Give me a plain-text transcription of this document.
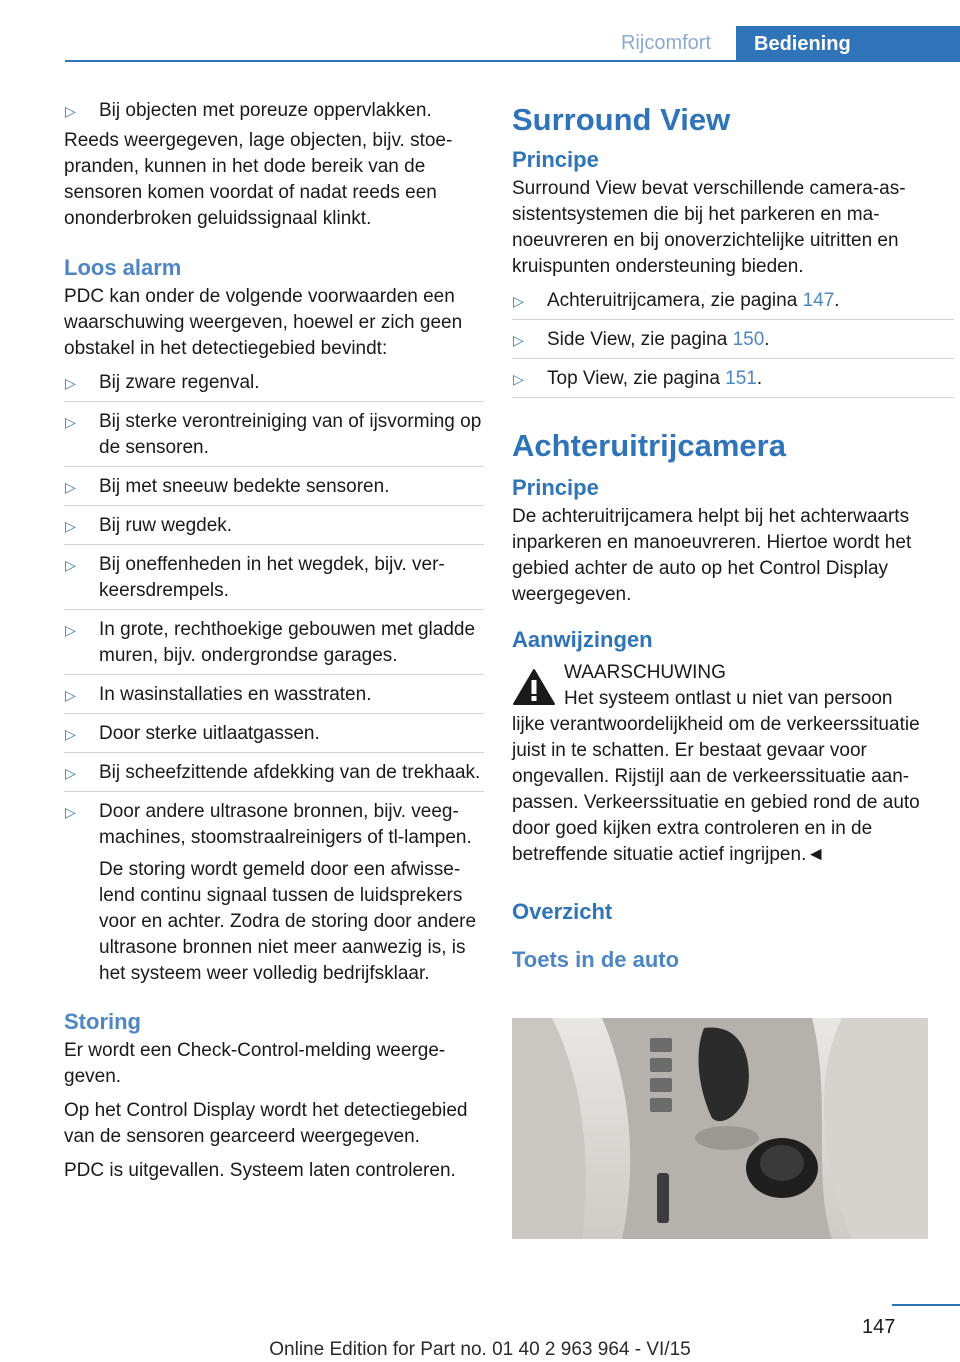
Rijcomfort	Bediening
▷ Bij objecten met poreuze oppervlakken.

Reeds weergegeven, lage objecten, bijv. stoepranden, kunnen in het dode bereik van de sensoren komen voordat of nadat reeds een ononderbroken geluidssignaal klinkt.

Loos alarm

PDC kan onder de volgende voorwaarden een waarschuwing weergeven, hoewel er zich geen obstakel in het detectiegebied bevindt:

▷ Bij zware regenval.
▷ Bij sterke verontreiniging van of ijsvorming op de sensoren.
▷ Bij met sneeuw bedekte sensoren.
▷ Bij ruw wegdek.
▷ Bij oneffenheden in het wegdek, bijv. verkeersdrempels.
▷ In grote, rechthoekige gebouwen met gladde muren, bijv. ondergrondse garages.
▷ In wasinstallaties en wasstraten.
▷ Door sterke uitlaatgassen.
▷ Bij scheefzittende afdekking van de trekhaak.
▷ Door andere ultrasone bronnen, bijv. veegmachines, stoomstraalreinigers of tl-lampen.
De storing wordt gemeld door een afwisselend continu signaal tussen de luidsprekers voor en achter. Zodra de storing door andere ultrasone bronnen niet meer aanwezig is, is het systeem weer volledig bedrijfsklaar.
Storing

Er wordt een Check-Control-melding weergegeven.

Op het Control Display wordt het detectiegebied van de sensoren gearceerd weergegeven.

PDC is uitgevallen. Systeem laten controleren.

Surround View
Principe

Surround View bevat verschillende camera-assistentsystemen die bij het parkeren en manoeuvreren en bij onoverzichtelijke uitritten en kruispunten ondersteuning bieden.

▷ Achteruitrijcamera, zie pagina 147.
▷ Side View, zie pagina 150.
▷ Top View, zie pagina 151.
Achteruitrijcamera
Principe

De achteruitrijcamera helpt bij het achterwaarts inparkeren en manoeuvreren. Hiertoe wordt het gebied achter de auto op het Control Display weergegeven.

Aanwijzingen
WAARSCHUWING
Het systeem ontlast u niet van persoon

lijke verantwoordelijkheid om de verkeerssituatie juist in te schatten. Er bestaat gevaar voor ongevallen. Rijstijl aan de verkeerssituatie aanpassen. Verkeerssituatie en gebied rond de auto door goed kijken extra controleren en in de betreffende situatie actief ingrijpen.◄

Overzicht
Toets in de auto
147
Online Edition for Part no. 01 40 2 963 964 - VI/15
